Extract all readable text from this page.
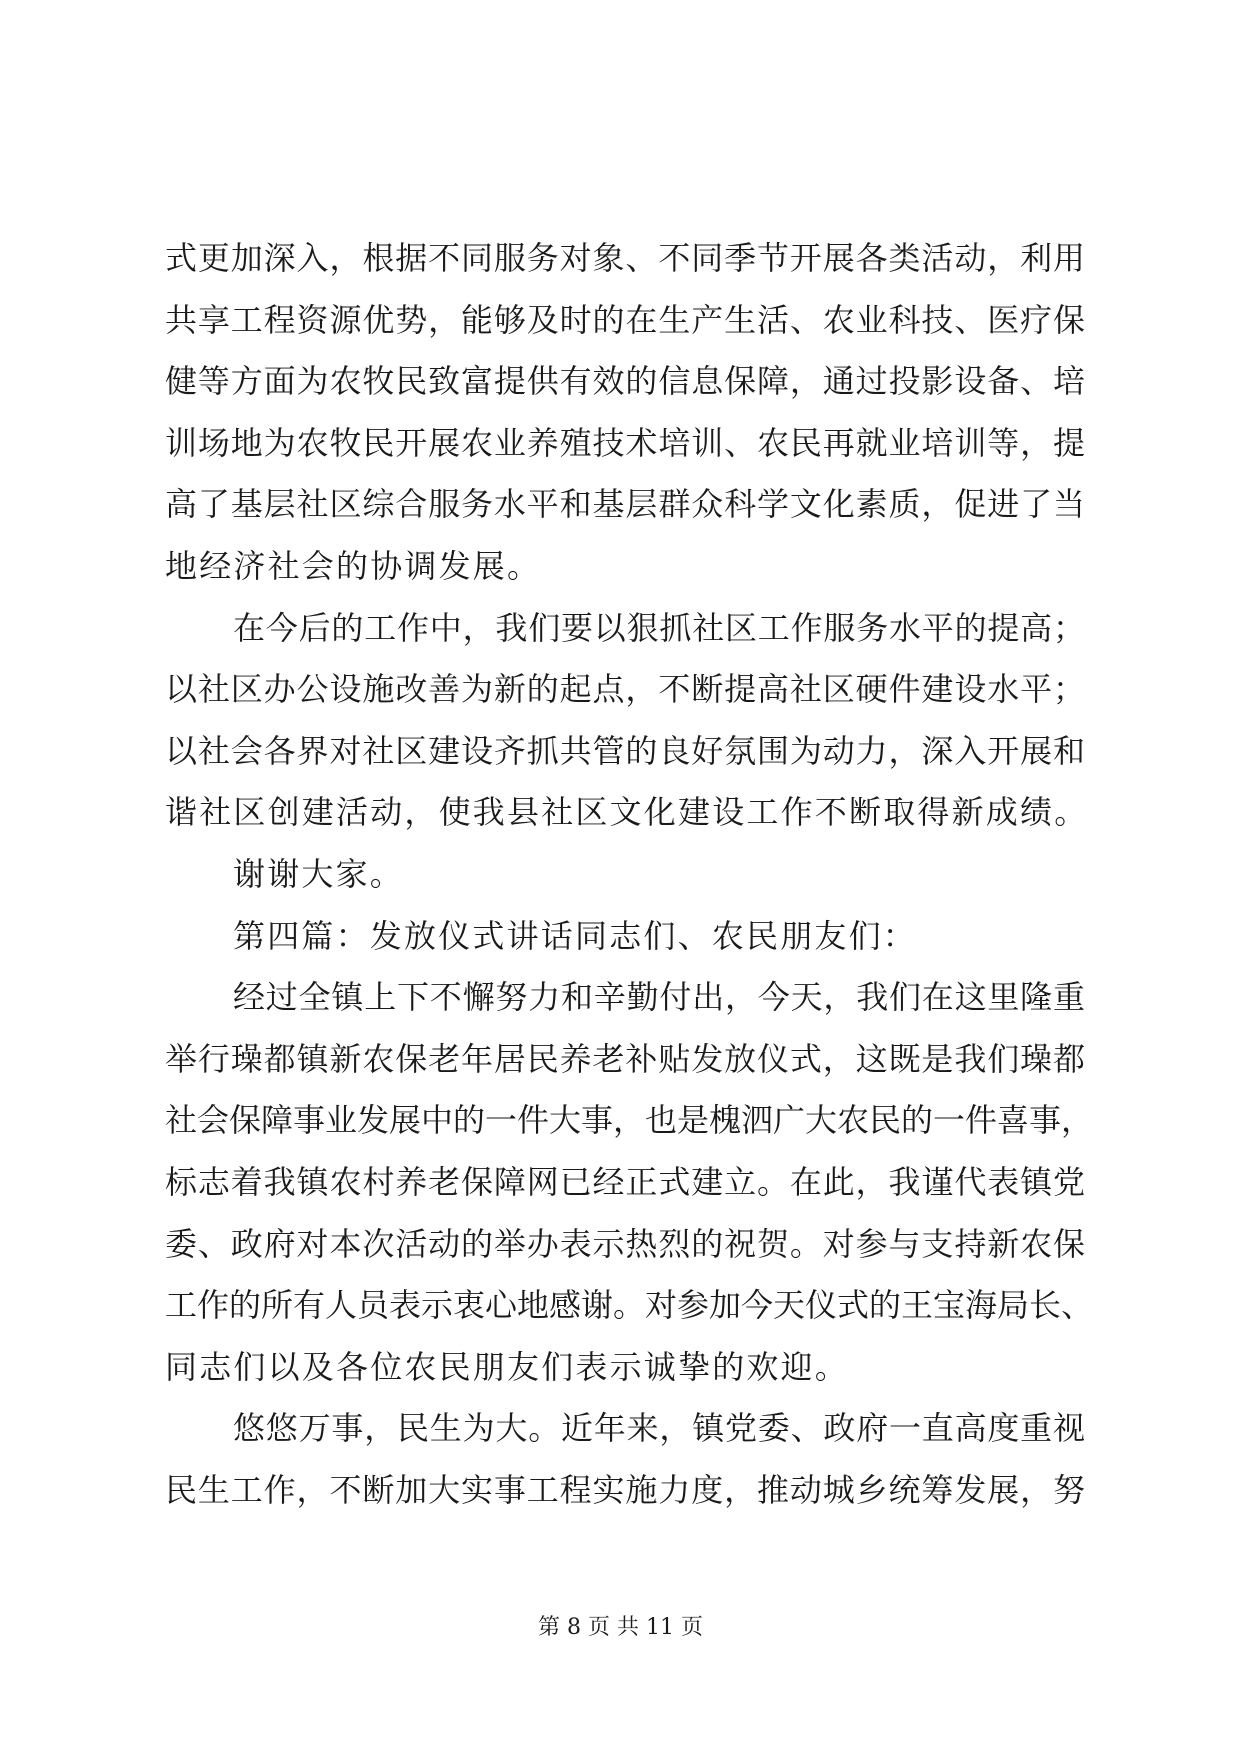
式更加深入，根据不同服务对象、不同季节开展各类活动，利用

共享工程资源优势，能够及时的在生产生活、农业科技、医疗保

健等方面为农牧民致富提供有效的信息保障，通过投影设备、培

训场地为农牧民开展农业养殖技术培训、农民再就业培训等，提

高了基层社区综合服务水平和基层群众科学文化素质，促进了当

地经济社会的协调发展。

在今后的工作中，我们要以狠抓社区工作服务水平的提高；

以社区办公设施改善为新的起点，不断提高社区硬件建设水平；

以社会各界对社区建设齐抓共管的良好氛围为动力，深入开展和

谐社区创建活动，使我县社区文化建设工作不断取得新成绩。

谢谢大家。

第四篇：发放仪式讲话同志们、农民朋友们：

经过全镇上下不懈努力和辛勤付出，今天，我们在这里隆重

举行璪都镇新农保老年居民养老补贴发放仪式，这既是我们璪都

社会保障事业发展中的一件大事，也是槐泗广大农民的一件喜事，

标志着我镇农村养老保障网已经正式建立。在此，我谨代表镇党

委、政府对本次活动的举办表示热烈的祝贺。对参与支持新农保

工作的所有人员表示衷心地感谢。对参加今天仪式的王宝海局长、

同志们以及各位农民朋友们表示诚挚的欢迎。

悠悠万事，民生为大。近年来，镇党委、政府一直高度重视

民生工作，不断加大实事工程实施力度，推动城乡统筹发展，努

第 8 页 共 11 页
